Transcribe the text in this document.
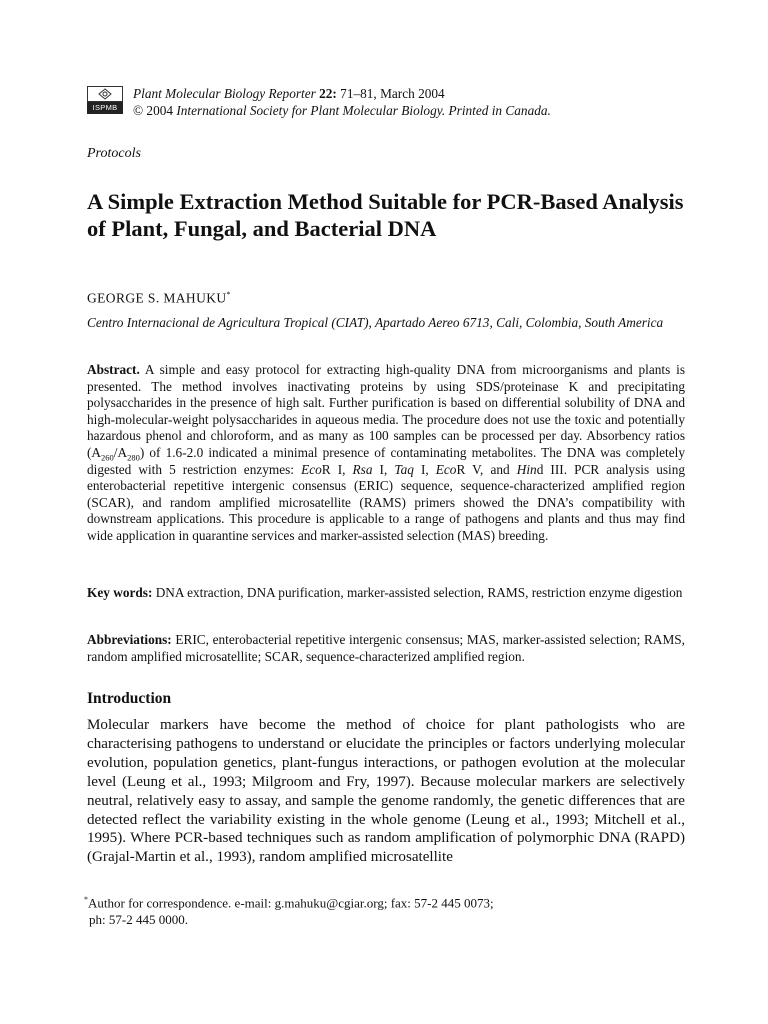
ISPMB
Plant Molecular Biology Reporter 22: 71–81, March 2004
© 2004 International Society for Plant Molecular Biology. Printed in Canada.
Protocols
A Simple Extraction Method Suitable for PCR-Based Analysis of Plant, Fungal, and Bacterial DNA
GEORGE S. MAHUKU*
Centro Internacional de Agricultura Tropical (CIAT), Apartado Aereo 6713, Cali, Colombia, South America

Abstract. A simple and easy protocol for extracting high-quality DNA from microorganisms and plants is presented. The method involves inactivating proteins by using SDS/proteinase K and precipitating polysaccharides in the presence of high salt. Further purification is based on differential solubility of DNA and high-molecular-weight polysaccharides in aqueous media. The procedure does not use the toxic and potentially hazardous phenol and chloroform, and as many as 100 samples can be processed per day. Absorbency ratios $(A_{260}/A_{280})$ of 1.6-2.0 indicated a minimal presence of contaminating metabolites. The DNA was completely digested with 5 restriction enzymes: EcoR I, Rsa I, Taq I, EcoR V, and Hind III. PCR analysis using enterobacterial repetitive intergenic consensus (ERIC) sequence, sequence-characterized amplified region (SCAR), and random amplified microsatellite (RAMS) primers showed the DNA’s compatibility with downstream applications. This procedure is applicable to a range of pathogens and plants and thus may find wide application in quarantine services and marker-assisted selection (MAS) breeding.

Key words: DNA extraction, DNA purification, marker-assisted selection, RAMS, restriction enzyme digestion

Abbreviations: ERIC, enterobacterial repetitive intergenic consensus; MAS, marker-assisted selection; RAMS, random amplified microsatellite; SCAR, sequence-characterized amplified region.

Introduction

Molecular markers have become the method of choice for plant pathologists who are characterising pathogens to understand or elucidate the principles or factors underlying molecular evolution, population genetics, plant-fungus interactions, or pathogen evolution at the molecular level (Leung et al., 1993; Milgroom and Fry, 1997). Because molecular markers are selectively neutral, relatively easy to assay, and sample the genome randomly, the genetic differences that are detected reflect the variability existing in the whole genome (Leung et al., 1993; Mitchell et al., 1995). Where PCR-based techniques such as random amplification of polymorphic DNA (RAPD) (Grajal-Martin et al., 1993), random amplified microsatellite

*Author for correspondence. e-mail: g.mahuku@cgiar.org; fax: 57-2 445 0073;
ph: 57-2 445 0000.
